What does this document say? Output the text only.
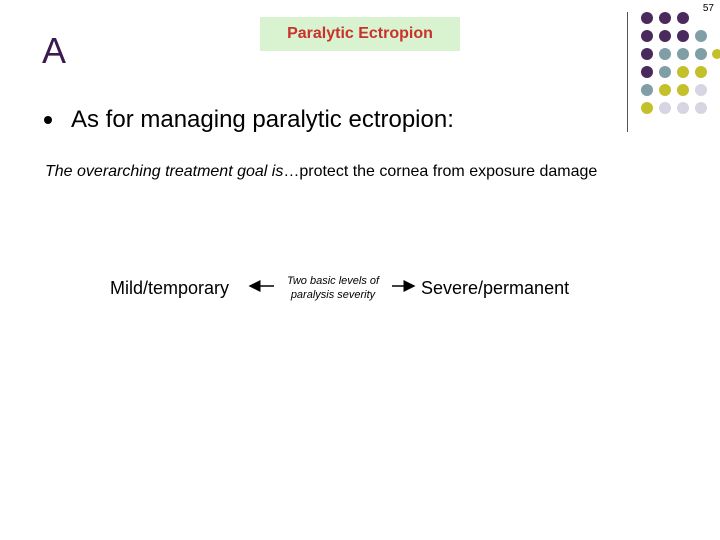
57
A	Paralytic Ectropion
As for managing paralytic ectropion:
The overarching treatment goal is…protect the cornea from exposure damage
Mild/temporary	Two basic levels of paralysis severity	Severe/permanent
